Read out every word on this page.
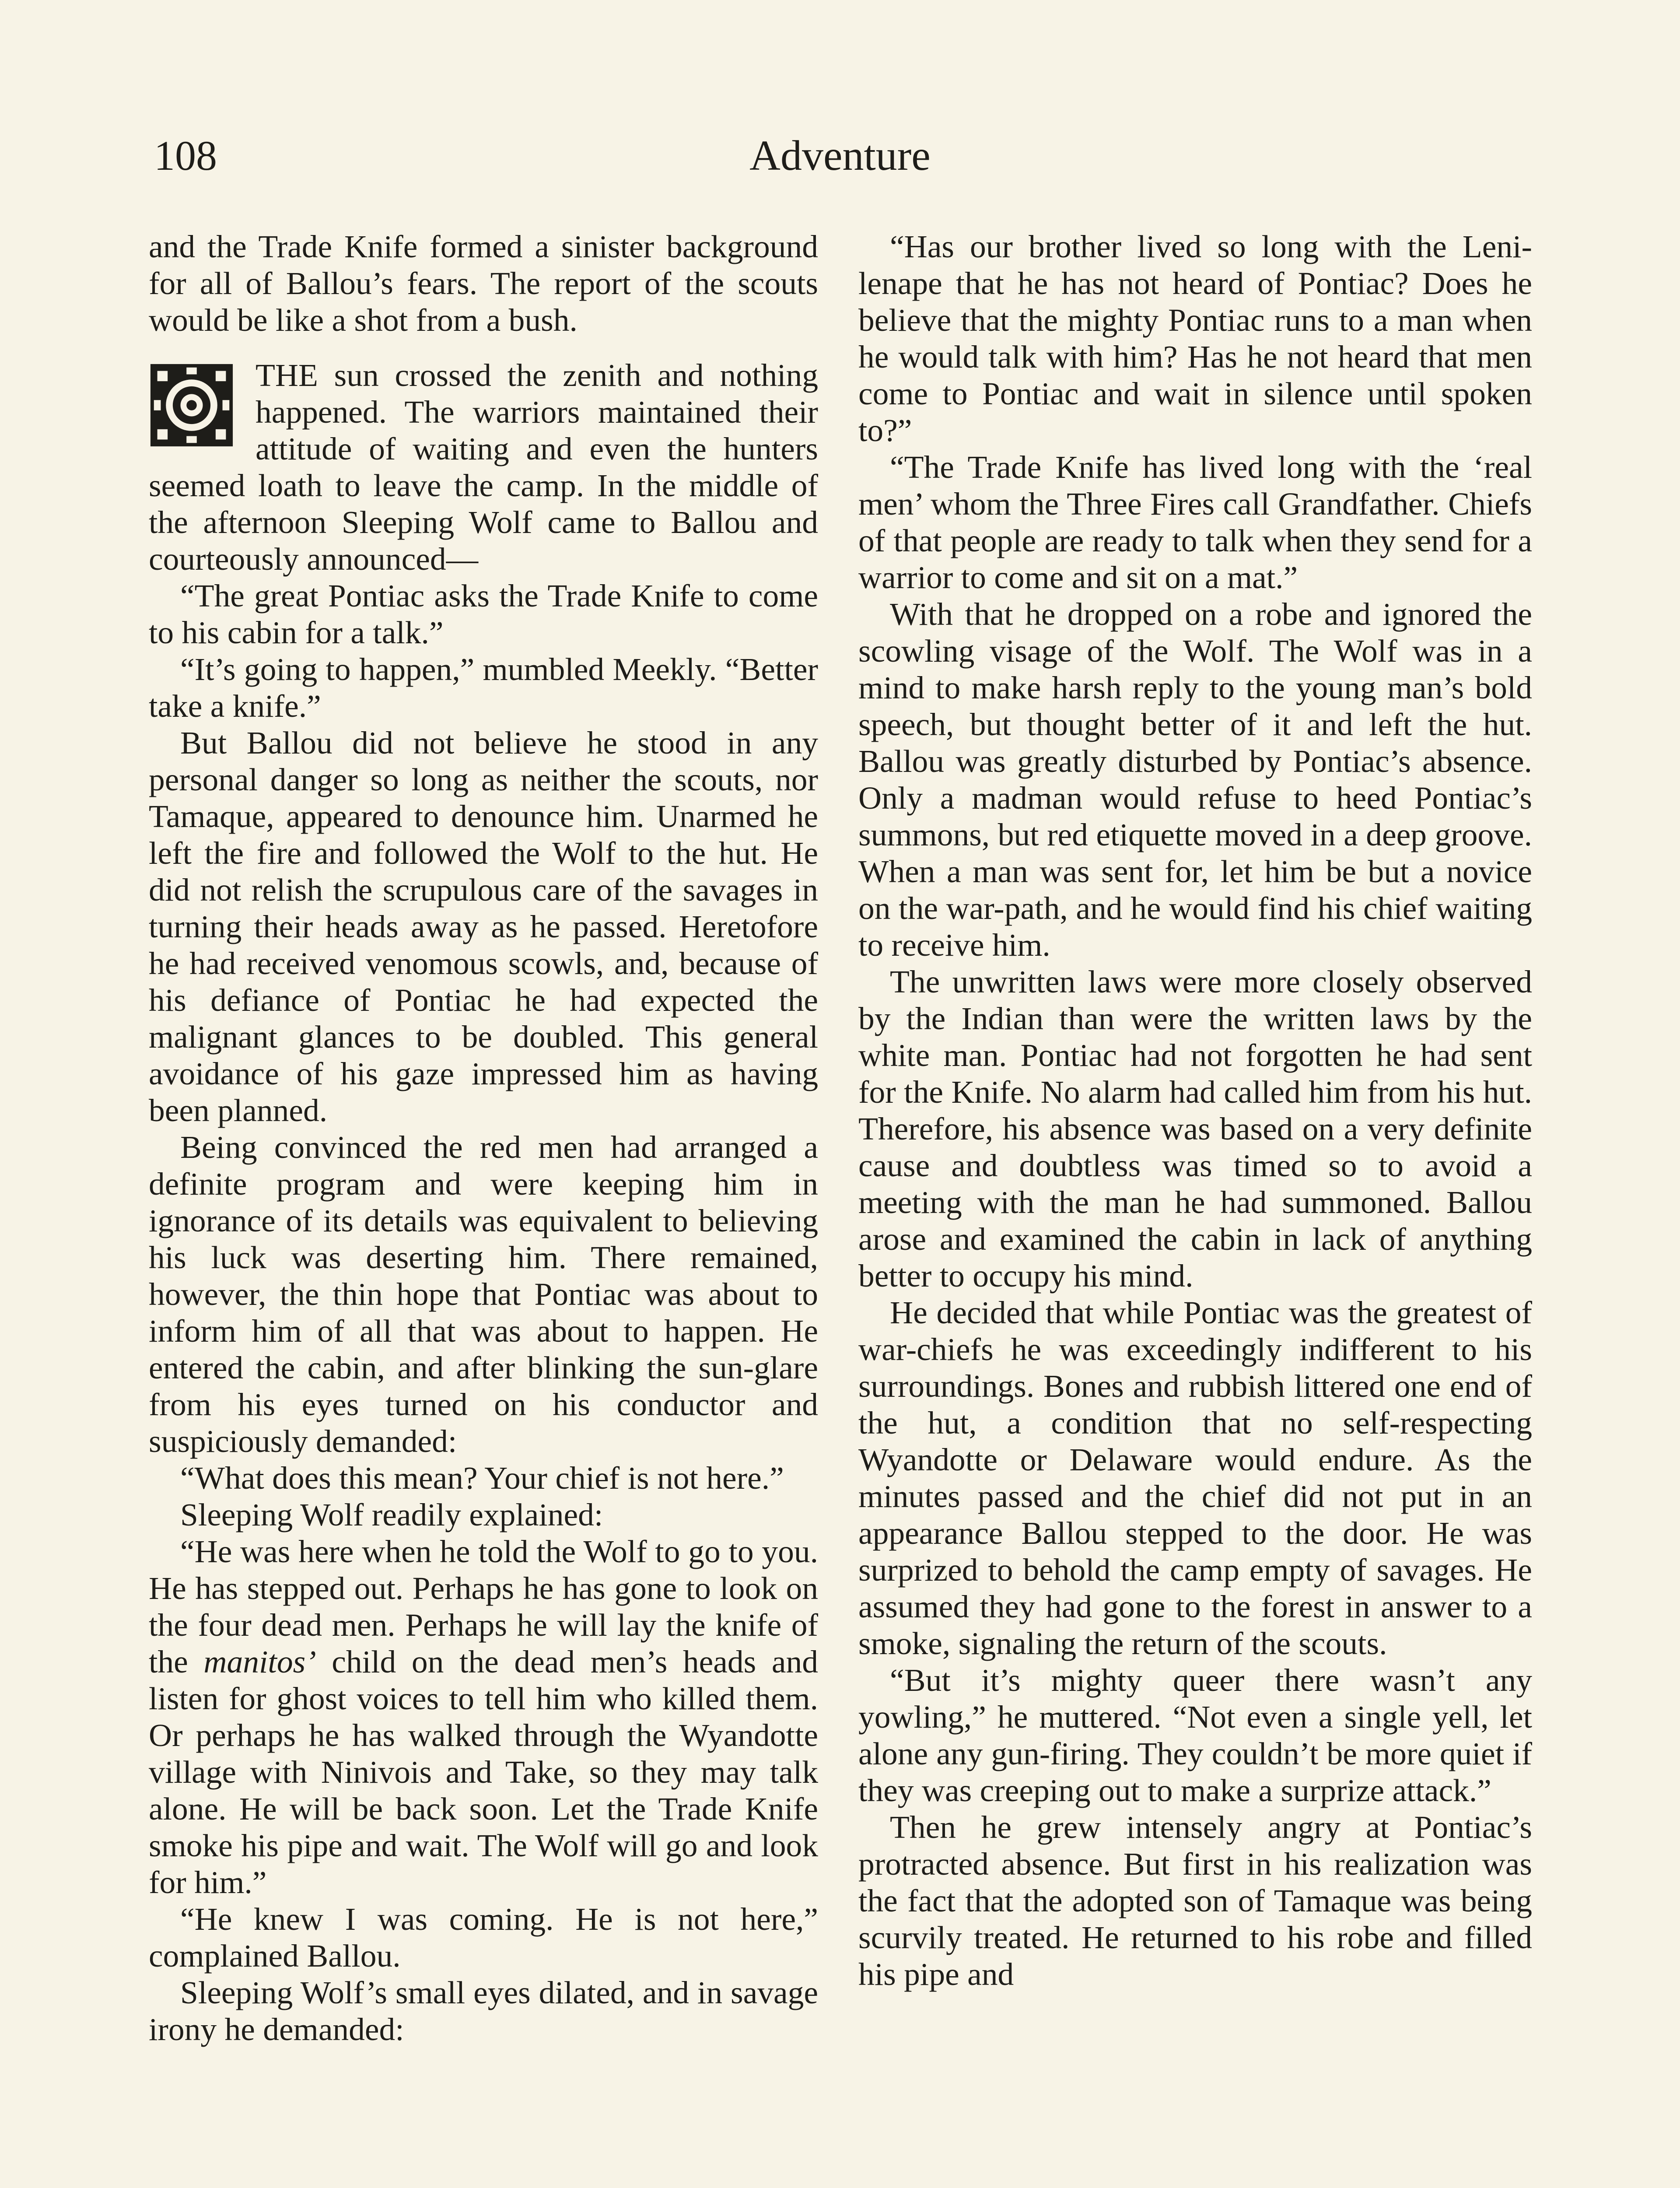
108	Adventure

and the Trade Knife formed a sinister background for all of Ballou’s fears. The report of the scouts would be like a shot from a bush.

THE sun crossed the zenith and nothing happened. The warriors maintained their attitude of waiting and even the hunters seemed loath to leave the camp. In the middle of the afternoon Sleeping Wolf came to Ballou and courteously announced—

“The great Pontiac asks the Trade Knife to come to his cabin for a talk.”

“It’s going to happen,” mumbled Meekly. “Better take a knife.”

But Ballou did not believe he stood in any personal danger so long as neither the scouts, nor Tamaque, appeared to denounce him. Unarmed he left the fire and followed the Wolf to the hut. He did not relish the scrupulous care of the savages in turning their heads away as he passed. Heretofore he had received venomous scowls, and, because of his defiance of Pontiac he had expected the malignant glances to be doubled. This general avoidance of his gaze impressed him as having been planned.

Being convinced the red men had arranged a definite program and were keeping him in ignorance of its details was equivalent to believing his luck was deserting him. There remained, however, the thin hope that Pontiac was about to inform him of all that was about to happen. He entered the cabin, and after blinking the sun-glare from his eyes turned on his conductor and suspiciously demanded:

“What does this mean? Your chief is not here.”

Sleeping Wolf readily explained:

“He was here when he told the Wolf to go to you. He has stepped out. Perhaps he has gone to look on the four dead men. Perhaps he will lay the knife of the manitos’ child on the dead men’s heads and listen for ghost voices to tell him who killed them. Or perhaps he has walked through the Wyandotte village with Ninivois and Take, so they may talk alone. He will be back soon. Let the Trade Knife smoke his pipe and wait. The Wolf will go and look for him.”

“He knew I was coming. He is not here,” complained Ballou.

Sleeping Wolf’s small eyes dilated, and in savage irony he demanded:

“Has our brother lived so long with the Leni-lenape that he has not heard of Pontiac? Does he believe that the mighty Pontiac runs to a man when he would talk with him? Has he not heard that men come to Pontiac and wait in silence until spoken to?”

“The Trade Knife has lived long with the ‘real men’ whom the Three Fires call Grandfather. Chiefs of that people are ready to talk when they send for a warrior to come and sit on a mat.”

With that he dropped on a robe and ignored the scowling visage of the Wolf. The Wolf was in a mind to make harsh reply to the young man’s bold speech, but thought better of it and left the hut. Ballou was greatly disturbed by Pontiac’s absence. Only a madman would refuse to heed Pontiac’s summons, but red etiquette moved in a deep groove. When a man was sent for, let him be but a novice on the war-path, and he would find his chief waiting to receive him.

The unwritten laws were more closely observed by the Indian than were the written laws by the white man. Pontiac had not forgotten he had sent for the Knife. No alarm had called him from his hut. Therefore, his absence was based on a very definite cause and doubtless was timed so to avoid a meeting with the man he had summoned. Ballou arose and examined the cabin in lack of anything better to occupy his mind.

He decided that while Pontiac was the greatest of war-chiefs he was exceedingly indifferent to his surroundings. Bones and rubbish littered one end of the hut, a condition that no self-respecting Wyandotte or Delaware would endure. As the minutes passed and the chief did not put in an appearance Ballou stepped to the door. He was surprized to behold the camp empty of savages. He assumed they had gone to the forest in answer to a smoke, signaling the return of the scouts.

“But it’s mighty queer there wasn’t any yowling,” he muttered. “Not even a single yell, let alone any gun-firing. They couldn’t be more quiet if they was creeping out to make a surprize attack.”

Then he grew intensely angry at Pontiac’s protracted absence. But first in his realization was the fact that the adopted son of Tamaque was being scurvily treated. He returned to his robe and filled his pipe and
